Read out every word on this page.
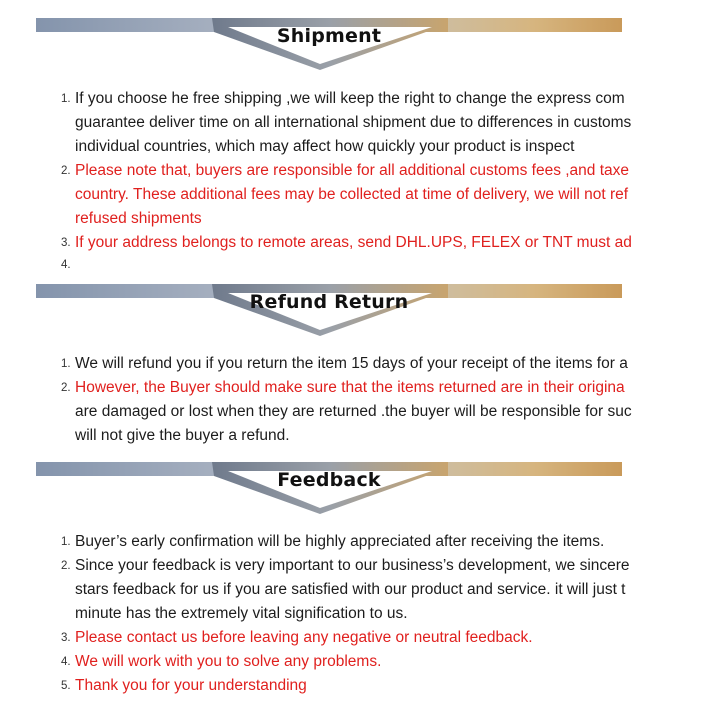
Shipment
1. If you choose he free shipping ,we will keep the right to change the express com
guarantee deliver time on all international shipment due to differences in customs
individual countries, which may affect how quickly your product is inspect
2. Please note that, buyers are responsible for all additional customs fees ,and taxe
country. These additional fees may be collected at time of delivery, we will not ref
refused shipments
3. If your address belongs to remote areas, send DHL.UPS, FELEX or TNT must ad
4.

Refund Return
1. We will refund you if you return the item 15 days of your receipt of the items for a
2. However, the Buyer should make sure that the items returned are in their origina
are damaged or lost when they are returned .the buyer will be responsible for suc
will not give the buyer a refund.
Feedback
1. Buyer’s early confirmation will be highly appreciated after receiving the items.
2. Since your feedback is very important to our business’s development, we sincere
stars feedback for us if you are satisfied with our product and service. it will just t
minute has the extremely vital signification to us.
3. Please contact us before leaving any negative or neutral feedback.
4. We will work with you to solve any problems.
5. Thank you for your understanding
